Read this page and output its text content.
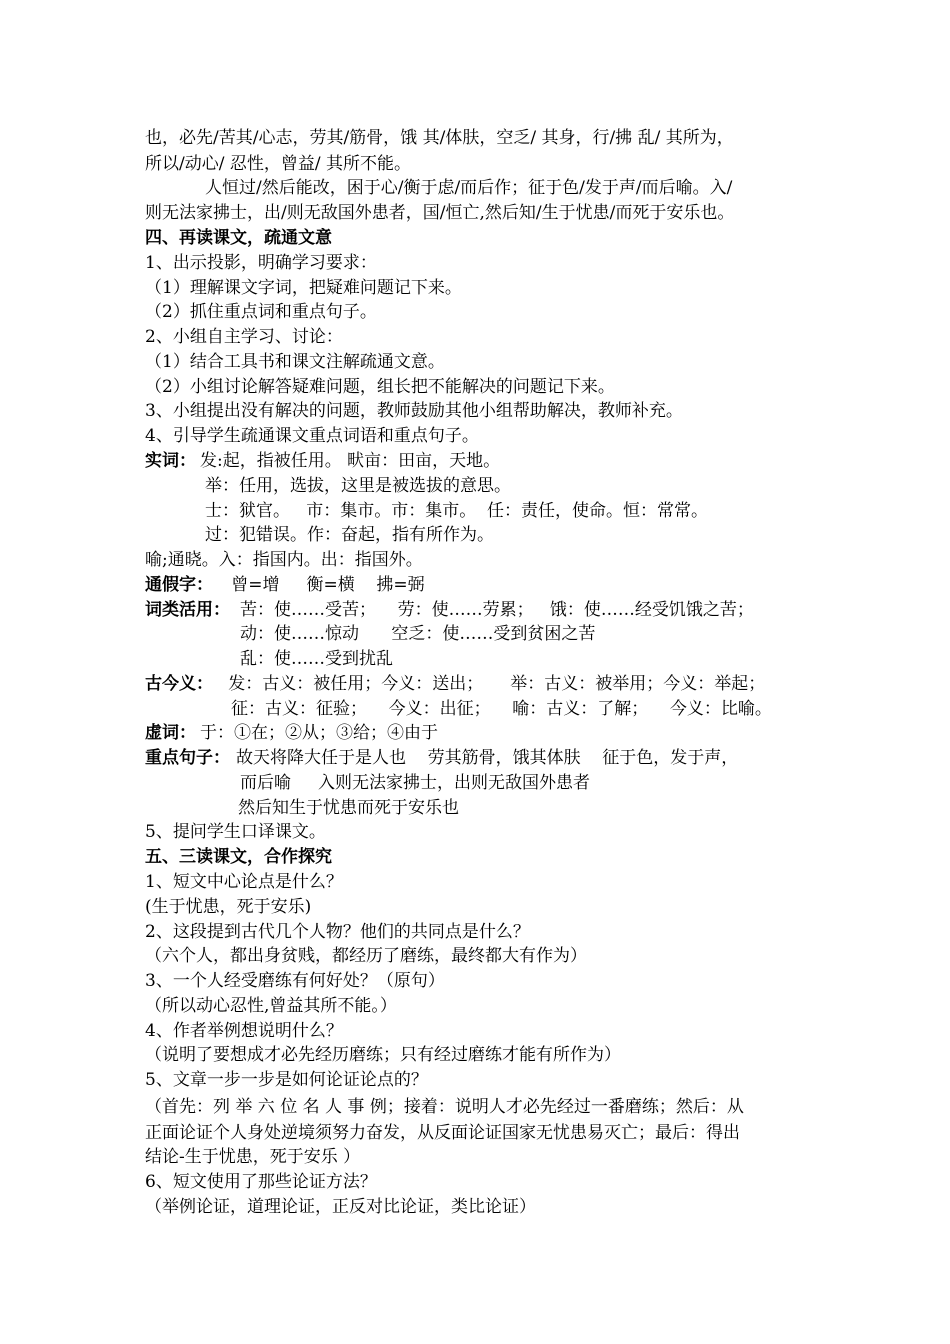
也，必先/苦其/心志，劳其/筋骨，饿 其/体肤，空乏/ 其身，行/拂 乱/ 其所为，
所以/动心/ 忍性，曾益/ 其所不能。
人恒过/然后能改，困于心/衡于虑/而后作；征于色/发于声/而后喻。入/
则无法家拂士，出/则无敌国外患者，国/恒亡,然后知/生于忧患/而死于安乐也。
四、再读课文，疏通文意
1、出示投影，明确学习要求：
（1）理解课文字词，把疑难问题记下来。
（2）抓住重点词和重点句子。
2、小组自主学习、讨论：
（1）结合工具书和课文注解疏通文意。
（2）小组讨论解答疑难问题，组长把不能解决的问题记下来。
3、小组提出没有解决的问题，教师鼓励其他小组帮助解决，教师补充。
4、引导学生疏通课文重点词语和重点句子。
实词： 发:起，指被任用。 畎亩：田亩，天地。
举：任用，选拔，这里是被选拔的意思。
士：狱官。   市：集市。市：集市。  任：责任，使命。恒：常常。
过：犯错误。作：奋起，指有所作为。
喻;通晓。入：指国内。出：指国外。
通假字： 曾=增     衡=横    拂=弼
词类活用： 苦：使……受苦；    劳：使……劳累；   饿：使……经受饥饿之苦；
动：使……惊动      空乏：使……受到贫困之苦
乱：使……受到扰乱
古今义： 发：古义：被任用；今义：送出；     举：古义：被举用；今义：举起；
征：古义：征验；    今义：出征；    喻：古义：了解；    今义：比喻。
虚词： 于：①在；②从；③给；④由于
重点句子： 故天将降大任于是人也    劳其筋骨，饿其体肤    征于色，发于声，
而后喻     入则无法家拂士，出则无敌国外患者
然后知生于忧患而死于安乐也
5、提问学生口译课文。
五、三读课文，合作探究
1、短文中心论点是什么？
(生于忧患，死于安乐)
2、这段提到古代几个人物？他们的共同点是什么？
（六个人，都出身贫贱，都经历了磨练，最终都大有作为）
3、一个人经受磨练有何好处？（原句）
（所以动心忍性,曾益其所不能。）
4、作者举例想说明什么？
（说明了要想成才必先经历磨练；只有经过磨练才能有所作为）
5、文章一步一步是如何论证论点的？
（首先：列 举 六 位 名 人 事 例；接着：说明人才必先经过一番磨练；然后：从
正面论证个人身处逆境须努力奋发，从反面论证国家无忧患易灭亡；最后：得出
结论-生于忧患，死于安乐 ）
6、短文使用了那些论证方法？
（举例论证，道理论证，正反对比论证，类比论证）
